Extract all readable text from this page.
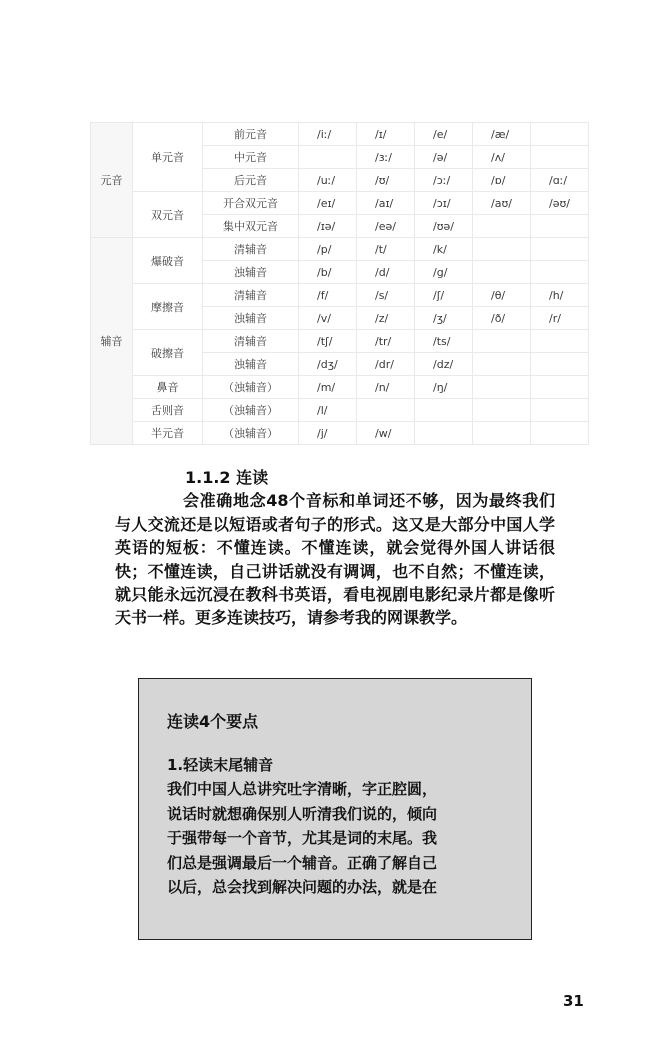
元音	单元音	前元音	/iː/	/ɪ/	/e/	/æ/	
		中元音		/ɜː/	/ə/	/ʌ/	
		后元音	/uː/	/ʊ/	/ɔː/	/ɒ/	/ɑː/
	双元音	开合双元音	/eɪ/	/aɪ/	/ɔɪ/	/aʊ/	/əʊ/
		集中双元音	/ɪə/	/eə/	/ʊə/		
辅音	爆破音	清辅音	/p/	/t/	/k/		
		浊辅音	/b/	/d/	/g/		
	摩擦音	清辅音	/f/	/s/	/ʃ/	/θ/	/h/
		浊辅音	/v/	/z/	/ʒ/	/ð/	/r/
	破擦音	清辅音	/tʃ/	/tr/	/ts/		
		浊辅音	/dʒ/	/dr/	/dz/		
	鼻音	（浊辅音）	/m/	/n/	/ŋ/		
	舌则音	（浊辅音）	/l/				
	半元音	（浊辅音）	/j/	/w/			
1.1.2 连读

会准确地念48个音标和单词还不够，因为最终我们与人交流还是以短语或者句子的形式。这又是大部分中国人学英语的短板：不懂连读。不懂连读，就会觉得外国人讲话很快；不懂连读，自己讲话就没有调调，也不自然；不懂连读，就只能永远沉浸在教科书英语，看电视剧电影纪录片都是像听天书一样。更多连读技巧，请参考我的网课教学。

连读4个要点
1.轻读末尾辅音
我们中国人总讲究吐字清晰，字正腔圆，
说话时就想确保别人听清我们说的，倾向
于强带每一个音节，尤其是词的末尾。我
们总是强调最后一个辅音。正确了解自己
以后，总会找到解决问题的办法，就是在
31
